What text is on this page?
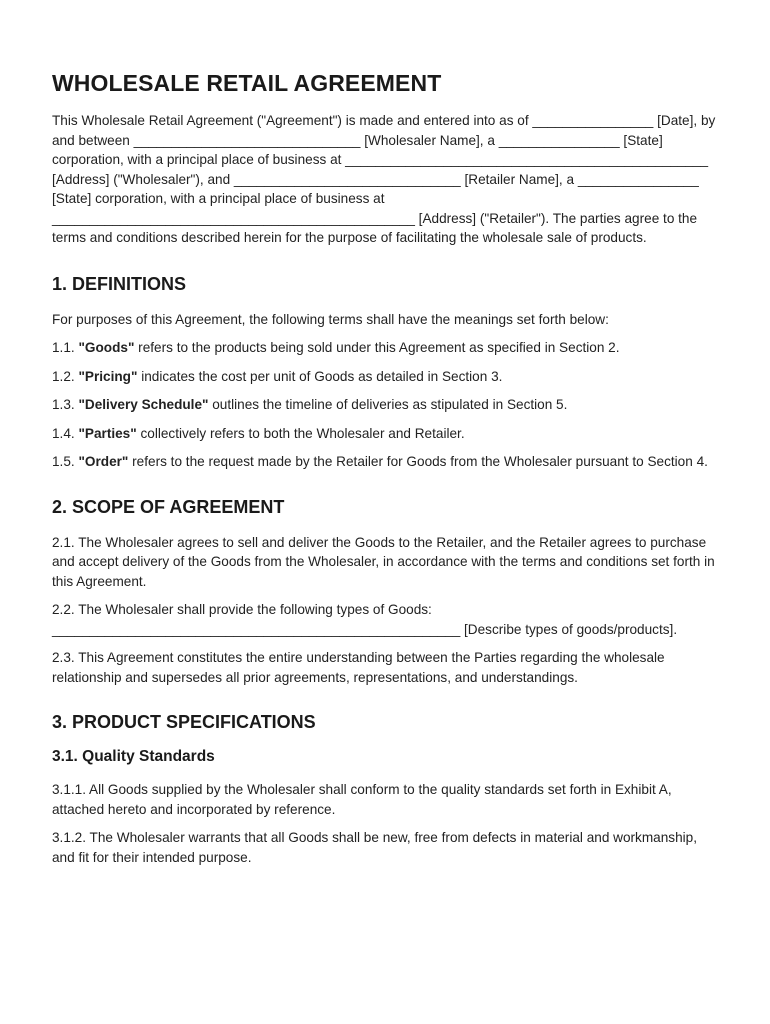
WHOLESALE RETAIL AGREEMENT

This Wholesale Retail Agreement ("Agreement") is made and entered into as of ________________ [Date], by and between ______________________________ [Wholesaler Name], a ________________ [State] corporation, with a principal place of business at ________________________________________________ [Address] ("Wholesaler"), and ______________________________ [Retailer Name], a ________________ [State] corporation, with a principal place of business at ________________________________________________ [Address] ("Retailer"). The parties agree to the terms and conditions described herein for the purpose of facilitating the wholesale sale of products.

1. DEFINITIONS

For purposes of this Agreement, the following terms shall have the meanings set forth below:

1.1. "Goods" refers to the products being sold under this Agreement as specified in Section 2.

1.2. "Pricing" indicates the cost per unit of Goods as detailed in Section 3.

1.3. "Delivery Schedule" outlines the timeline of deliveries as stipulated in Section 5.

1.4. "Parties" collectively refers to both the Wholesaler and Retailer.

1.5. "Order" refers to the request made by the Retailer for Goods from the Wholesaler pursuant to Section 4.

2. SCOPE OF AGREEMENT

2.1. The Wholesaler agrees to sell and deliver the Goods to the Retailer, and the Retailer agrees to purchase and accept delivery of the Goods from the Wholesaler, in accordance with the terms and conditions set forth in this Agreement.

2.2. The Wholesaler shall provide the following types of Goods: ______________________________________________________ [Describe types of goods/products].

2.3. This Agreement constitutes the entire understanding between the Parties regarding the wholesale relationship and supersedes all prior agreements, representations, and understandings.

3. PRODUCT SPECIFICATIONS
3.1. Quality Standards

3.1.1. All Goods supplied by the Wholesaler shall conform to the quality standards set forth in Exhibit A, attached hereto and incorporated by reference.

3.1.2. The Wholesaler warrants that all Goods shall be new, free from defects in material and workmanship, and fit for their intended purpose.
